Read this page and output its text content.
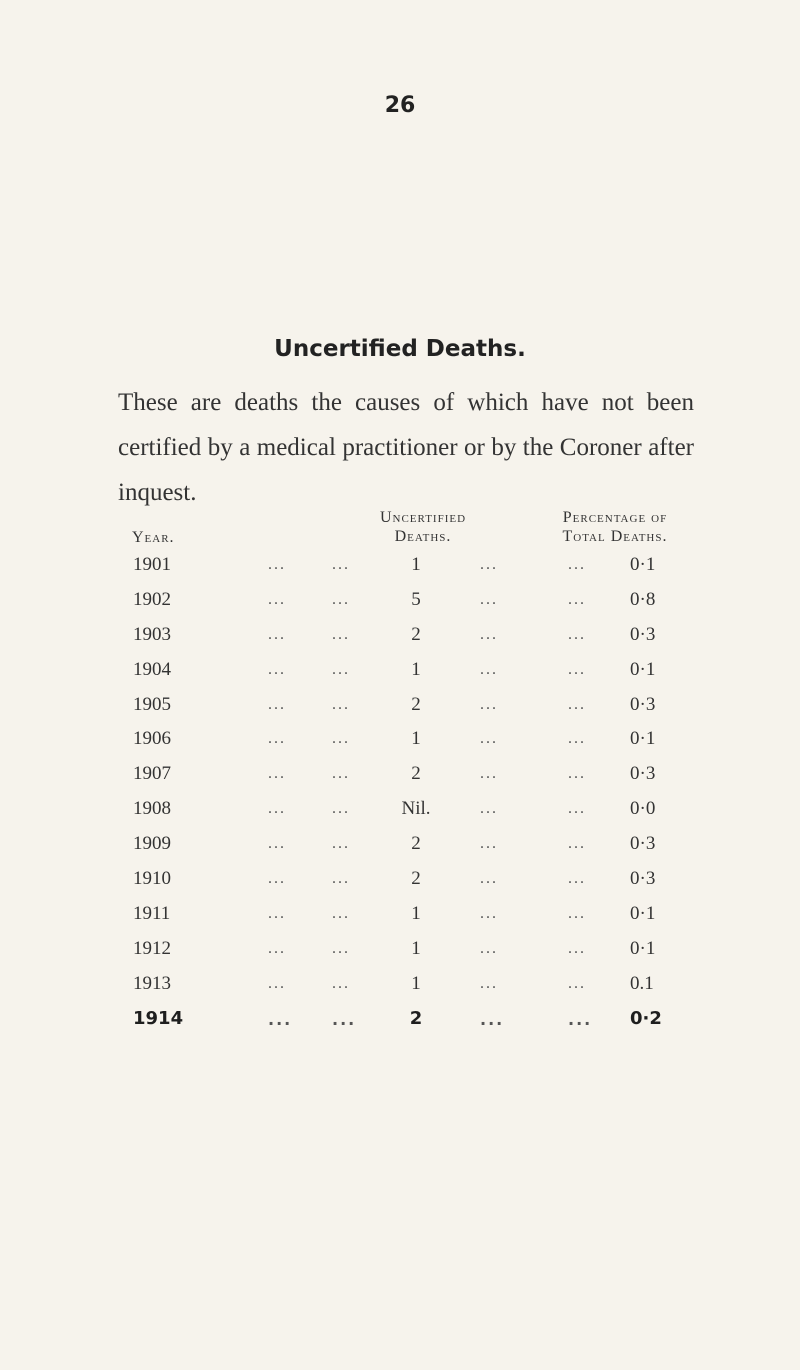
26
Uncertified Deaths.
These are deaths the causes of which have not been certified by a medical practitioner or by the Coroner after inquest.
Year.
Uncertified
Deaths.
Percentage of
Total Deaths.
1901	...	...	1	...	... 0·1
1902	...	...	5	...	... 0·8
1903	...	...	2	...	... 0·3
1904	...	...	1	...	... 0·1
1905	...	...	2	...	... 0·3
1906	...	...	1	...	... 0·1
1907	...	...	2	...	... 0·3
1908	...	...	Nil.	...	... 0·0
1909	...	...	2	...	... 0·3
1910	...	...	2	...	... 0·3
1911	...	...	1	...	... 0·1
1912	...	...	1	...	... 0·1
1913	...	...	1	...	... 0.1
1914	... ...	2	...	... 0·2
